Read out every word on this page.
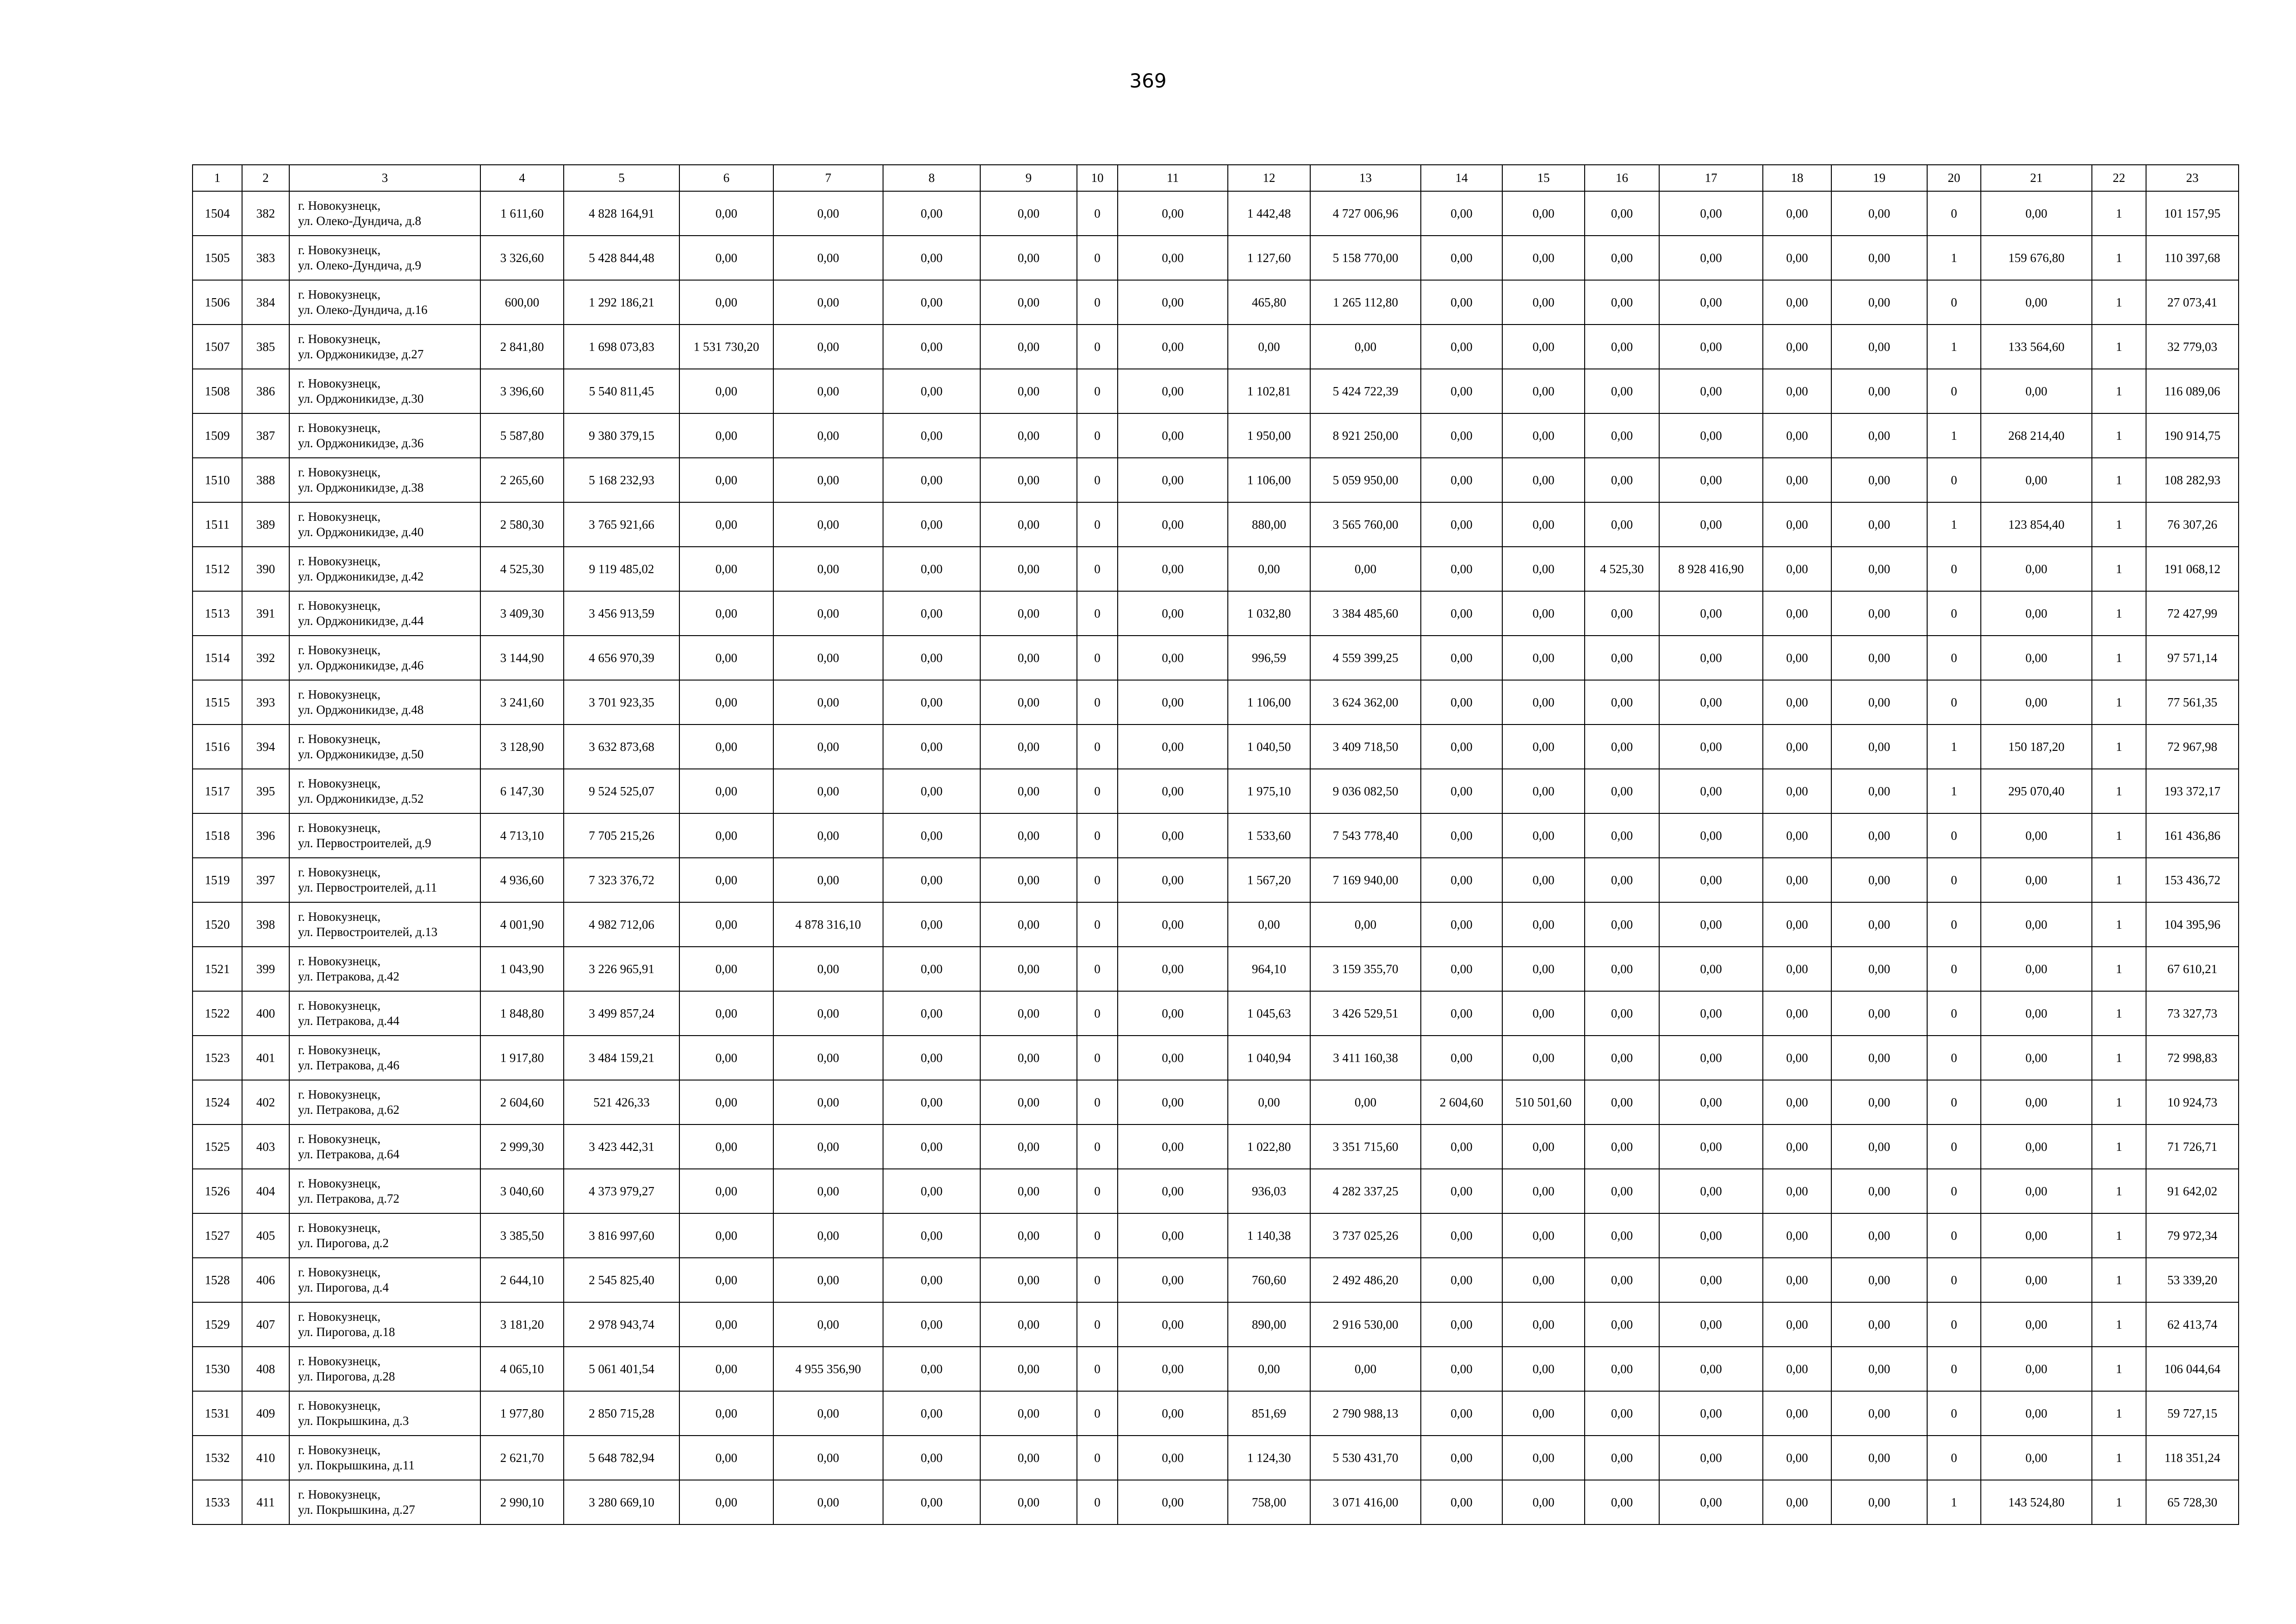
369
1	2	3	4	5	6	7	8	9	10	11	12	13	14	15	16	17	18	19	20	21	22	23
1504	382	г. Новокузнецк,
ул. Олеко-Дундича, д.8	1 611,60	4 828 164,91	0,00	0,00	0,00	0,00	0	0,00	1 442,48	4 727 006,96	0,00	0,00	0,00	0,00	0,00	0,00	0	0,00	1	101 157,95
1505	383	г. Новокузнецк,
ул. Олеко-Дундича, д.9	3 326,60	5 428 844,48	0,00	0,00	0,00	0,00	0	0,00	1 127,60	5 158 770,00	0,00	0,00	0,00	0,00	0,00	0,00	1	159 676,80	1	110 397,68
1506	384	г. Новокузнецк,
ул. Олеко-Дундича, д.16	600,00	1 292 186,21	0,00	0,00	0,00	0,00	0	0,00	465,80	1 265 112,80	0,00	0,00	0,00	0,00	0,00	0,00	0	0,00	1	27 073,41
1507	385	г. Новокузнецк,
ул. Орджоникидзе, д.27	2 841,80	1 698 073,83	1 531 730,20	0,00	0,00	0,00	0	0,00	0,00	0,00	0,00	0,00	0,00	0,00	0,00	0,00	1	133 564,60	1	32 779,03
1508	386	г. Новокузнецк,
ул. Орджоникидзе, д.30	3 396,60	5 540 811,45	0,00	0,00	0,00	0,00	0	0,00	1 102,81	5 424 722,39	0,00	0,00	0,00	0,00	0,00	0,00	0	0,00	1	116 089,06
1509	387	г. Новокузнецк,
ул. Орджоникидзе, д.36	5 587,80	9 380 379,15	0,00	0,00	0,00	0,00	0	0,00	1 950,00	8 921 250,00	0,00	0,00	0,00	0,00	0,00	0,00	1	268 214,40	1	190 914,75
1510	388	г. Новокузнецк,
ул. Орджоникидзе, д.38	2 265,60	5 168 232,93	0,00	0,00	0,00	0,00	0	0,00	1 106,00	5 059 950,00	0,00	0,00	0,00	0,00	0,00	0,00	0	0,00	1	108 282,93
1511	389	г. Новокузнецк,
ул. Орджоникидзе, д.40	2 580,30	3 765 921,66	0,00	0,00	0,00	0,00	0	0,00	880,00	3 565 760,00	0,00	0,00	0,00	0,00	0,00	0,00	1	123 854,40	1	76 307,26
1512	390	г. Новокузнецк,
ул. Орджоникидзе, д.42	4 525,30	9 119 485,02	0,00	0,00	0,00	0,00	0	0,00	0,00	0,00	0,00	0,00	4 525,30	8 928 416,90	0,00	0,00	0	0,00	1	191 068,12
1513	391	г. Новокузнецк,
ул. Орджоникидзе, д.44	3 409,30	3 456 913,59	0,00	0,00	0,00	0,00	0	0,00	1 032,80	3 384 485,60	0,00	0,00	0,00	0,00	0,00	0,00	0	0,00	1	72 427,99
1514	392	г. Новокузнецк,
ул. Орджоникидзе, д.46	3 144,90	4 656 970,39	0,00	0,00	0,00	0,00	0	0,00	996,59	4 559 399,25	0,00	0,00	0,00	0,00	0,00	0,00	0	0,00	1	97 571,14
1515	393	г. Новокузнецк,
ул. Орджоникидзе, д.48	3 241,60	3 701 923,35	0,00	0,00	0,00	0,00	0	0,00	1 106,00	3 624 362,00	0,00	0,00	0,00	0,00	0,00	0,00	0	0,00	1	77 561,35
1516	394	г. Новокузнецк,
ул. Орджоникидзе, д.50	3 128,90	3 632 873,68	0,00	0,00	0,00	0,00	0	0,00	1 040,50	3 409 718,50	0,00	0,00	0,00	0,00	0,00	0,00	1	150 187,20	1	72 967,98
1517	395	г. Новокузнецк,
ул. Орджоникидзе, д.52	6 147,30	9 524 525,07	0,00	0,00	0,00	0,00	0	0,00	1 975,10	9 036 082,50	0,00	0,00	0,00	0,00	0,00	0,00	1	295 070,40	1	193 372,17
1518	396	г. Новокузнецк,
ул. Первостроителей, д.9	4 713,10	7 705 215,26	0,00	0,00	0,00	0,00	0	0,00	1 533,60	7 543 778,40	0,00	0,00	0,00	0,00	0,00	0,00	0	0,00	1	161 436,86
1519	397	г. Новокузнецк,
ул. Первостроителей, д.11	4 936,60	7 323 376,72	0,00	0,00	0,00	0,00	0	0,00	1 567,20	7 169 940,00	0,00	0,00	0,00	0,00	0,00	0,00	0	0,00	1	153 436,72
1520	398	г. Новокузнецк,
ул. Первостроителей, д.13	4 001,90	4 982 712,06	0,00	4 878 316,10	0,00	0,00	0	0,00	0,00	0,00	0,00	0,00	0,00	0,00	0,00	0,00	0	0,00	1	104 395,96
1521	399	г. Новокузнецк,
ул. Петракова, д.42	1 043,90	3 226 965,91	0,00	0,00	0,00	0,00	0	0,00	964,10	3 159 355,70	0,00	0,00	0,00	0,00	0,00	0,00	0	0,00	1	67 610,21
1522	400	г. Новокузнецк,
ул. Петракова, д.44	1 848,80	3 499 857,24	0,00	0,00	0,00	0,00	0	0,00	1 045,63	3 426 529,51	0,00	0,00	0,00	0,00	0,00	0,00	0	0,00	1	73 327,73
1523	401	г. Новокузнецк,
ул. Петракова, д.46	1 917,80	3 484 159,21	0,00	0,00	0,00	0,00	0	0,00	1 040,94	3 411 160,38	0,00	0,00	0,00	0,00	0,00	0,00	0	0,00	1	72 998,83
1524	402	г. Новокузнецк,
ул. Петракова, д.62	2 604,60	521 426,33	0,00	0,00	0,00	0,00	0	0,00	0,00	0,00	2 604,60	510 501,60	0,00	0,00	0,00	0,00	0	0,00	1	10 924,73
1525	403	г. Новокузнецк,
ул. Петракова, д.64	2 999,30	3 423 442,31	0,00	0,00	0,00	0,00	0	0,00	1 022,80	3 351 715,60	0,00	0,00	0,00	0,00	0,00	0,00	0	0,00	1	71 726,71
1526	404	г. Новокузнецк,
ул. Петракова, д.72	3 040,60	4 373 979,27	0,00	0,00	0,00	0,00	0	0,00	936,03	4 282 337,25	0,00	0,00	0,00	0,00	0,00	0,00	0	0,00	1	91 642,02
1527	405	г. Новокузнецк,
ул. Пирогова, д.2	3 385,50	3 816 997,60	0,00	0,00	0,00	0,00	0	0,00	1 140,38	3 737 025,26	0,00	0,00	0,00	0,00	0,00	0,00	0	0,00	1	79 972,34
1528	406	г. Новокузнецк,
ул. Пирогова, д.4	2 644,10	2 545 825,40	0,00	0,00	0,00	0,00	0	0,00	760,60	2 492 486,20	0,00	0,00	0,00	0,00	0,00	0,00	0	0,00	1	53 339,20
1529	407	г. Новокузнецк,
ул. Пирогова, д.18	3 181,20	2 978 943,74	0,00	0,00	0,00	0,00	0	0,00	890,00	2 916 530,00	0,00	0,00	0,00	0,00	0,00	0,00	0	0,00	1	62 413,74
1530	408	г. Новокузнецк,
ул. Пирогова, д.28	4 065,10	5 061 401,54	0,00	4 955 356,90	0,00	0,00	0	0,00	0,00	0,00	0,00	0,00	0,00	0,00	0,00	0,00	0	0,00	1	106 044,64
1531	409	г. Новокузнецк,
ул. Покрышкина, д.3	1 977,80	2 850 715,28	0,00	0,00	0,00	0,00	0	0,00	851,69	2 790 988,13	0,00	0,00	0,00	0,00	0,00	0,00	0	0,00	1	59 727,15
1532	410	г. Новокузнецк,
ул. Покрышкина, д.11	2 621,70	5 648 782,94	0,00	0,00	0,00	0,00	0	0,00	1 124,30	5 530 431,70	0,00	0,00	0,00	0,00	0,00	0,00	0	0,00	1	118 351,24
1533	411	г. Новокузнецк,
ул. Покрышкина, д.27	2 990,10	3 280 669,10	0,00	0,00	0,00	0,00	0	0,00	758,00	3 071 416,00	0,00	0,00	0,00	0,00	0,00	0,00	1	143 524,80	1	65 728,30
